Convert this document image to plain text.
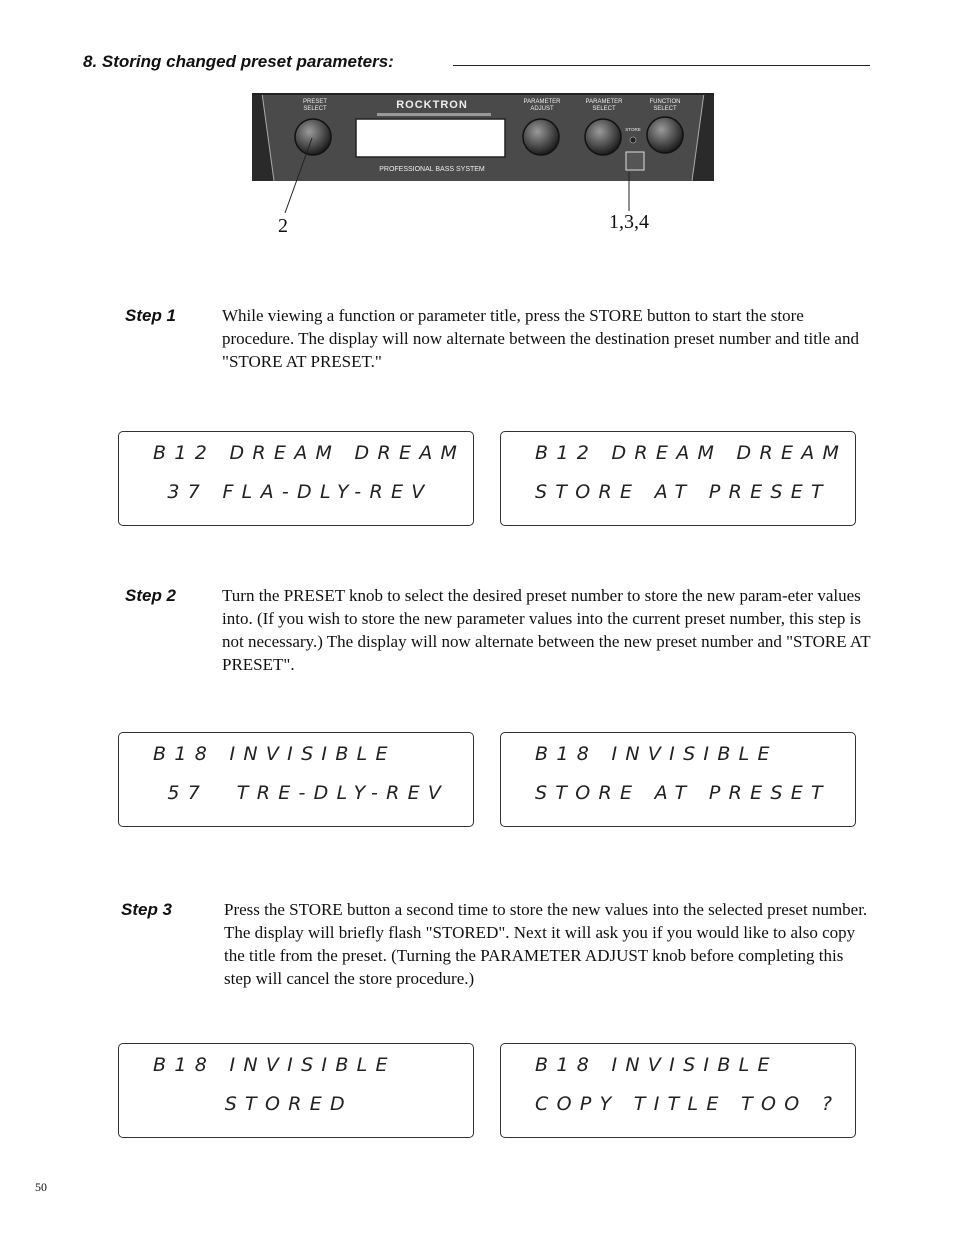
8. Storing changed preset parameters:
PRESET
SELECT	ROCKTRON	PARAMETER
ADJUST
PARAMETER
SELECT
STORE
FUNCTION
SELECT
PROFESSIONAL BASS SYSTEM
2	1,3,4
Step 1	While viewing a function or parameter title, press the STORE button to start the store procedure. The display will now alternate between the destination preset number and title and "STORE AT PRESET."
B12 DREAM DREAM
37 FLA-DLY-REV
B12 DREAM DREAM
STORE AT PRESET
Step 2	Turn the PRESET knob to select the desired preset number to store the new param-eter values into. (If you wish to store the new parameter values into the current preset number, this step is not necessary.) The display will now alternate between the new preset number and "STORE AT PRESET".
B18 INVISIBLE
57  TRE-DLY-REV
B18 INVISIBLE
STORE AT PRESET
Step 3	Press the STORE button a second time to store the new values into the selected preset number. The display will briefly flash "STORED". Next it will ask you if you would like to also copy the title from the preset. (Turning the PARAMETER ADJUST knob before completing this step will cancel the store procedure.)
B18 INVISIBLE
STORED
B18 INVISIBLE
COPY TITLE TOO ?
50
